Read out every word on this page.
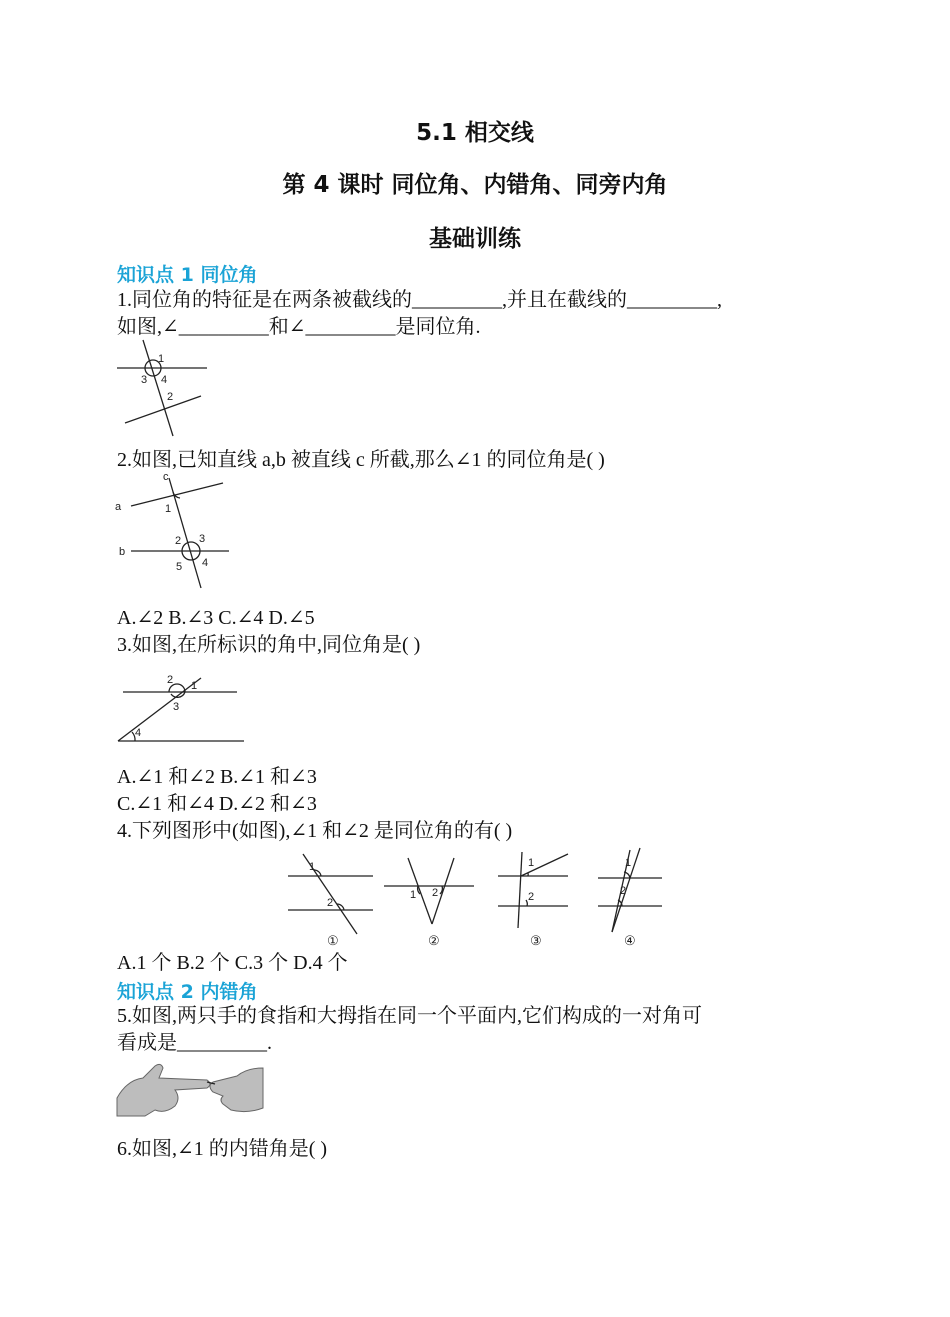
5.1 相交线
第 4 课时 同位角、内错角、同旁内角
基础训练
知识点 1 同位角
1.同位角的特征是在两条被截线的_________,并且在截线的_________,
如图,∠_________和∠_________是同位角.
1
3 4
2
2.如图,已知直线 a,b 被直线 c 所截,那么∠1 的同位角是( )
c
a	1
b
2 3
5 4
A.∠2 B.∠3 C.∠4 D.∠5
3.如图,在所标识的角中,同位角是( )
2 1
3
4
A.∠1 和∠2 B.∠1 和∠3
C.∠1 和∠4 D.∠2 和∠3
4.下列图形中(如图),∠1 和∠2 是同位角的有( )
1
2
①
1 2
②
1
2
③
1
2
④
A.1 个 B.2 个 C.3 个 D.4 个
知识点 2 内错角
5.如图,两只手的食指和大拇指在同一个平面内,它们构成的一对角可
看成是_________.
6.如图,∠1 的内错角是( )
